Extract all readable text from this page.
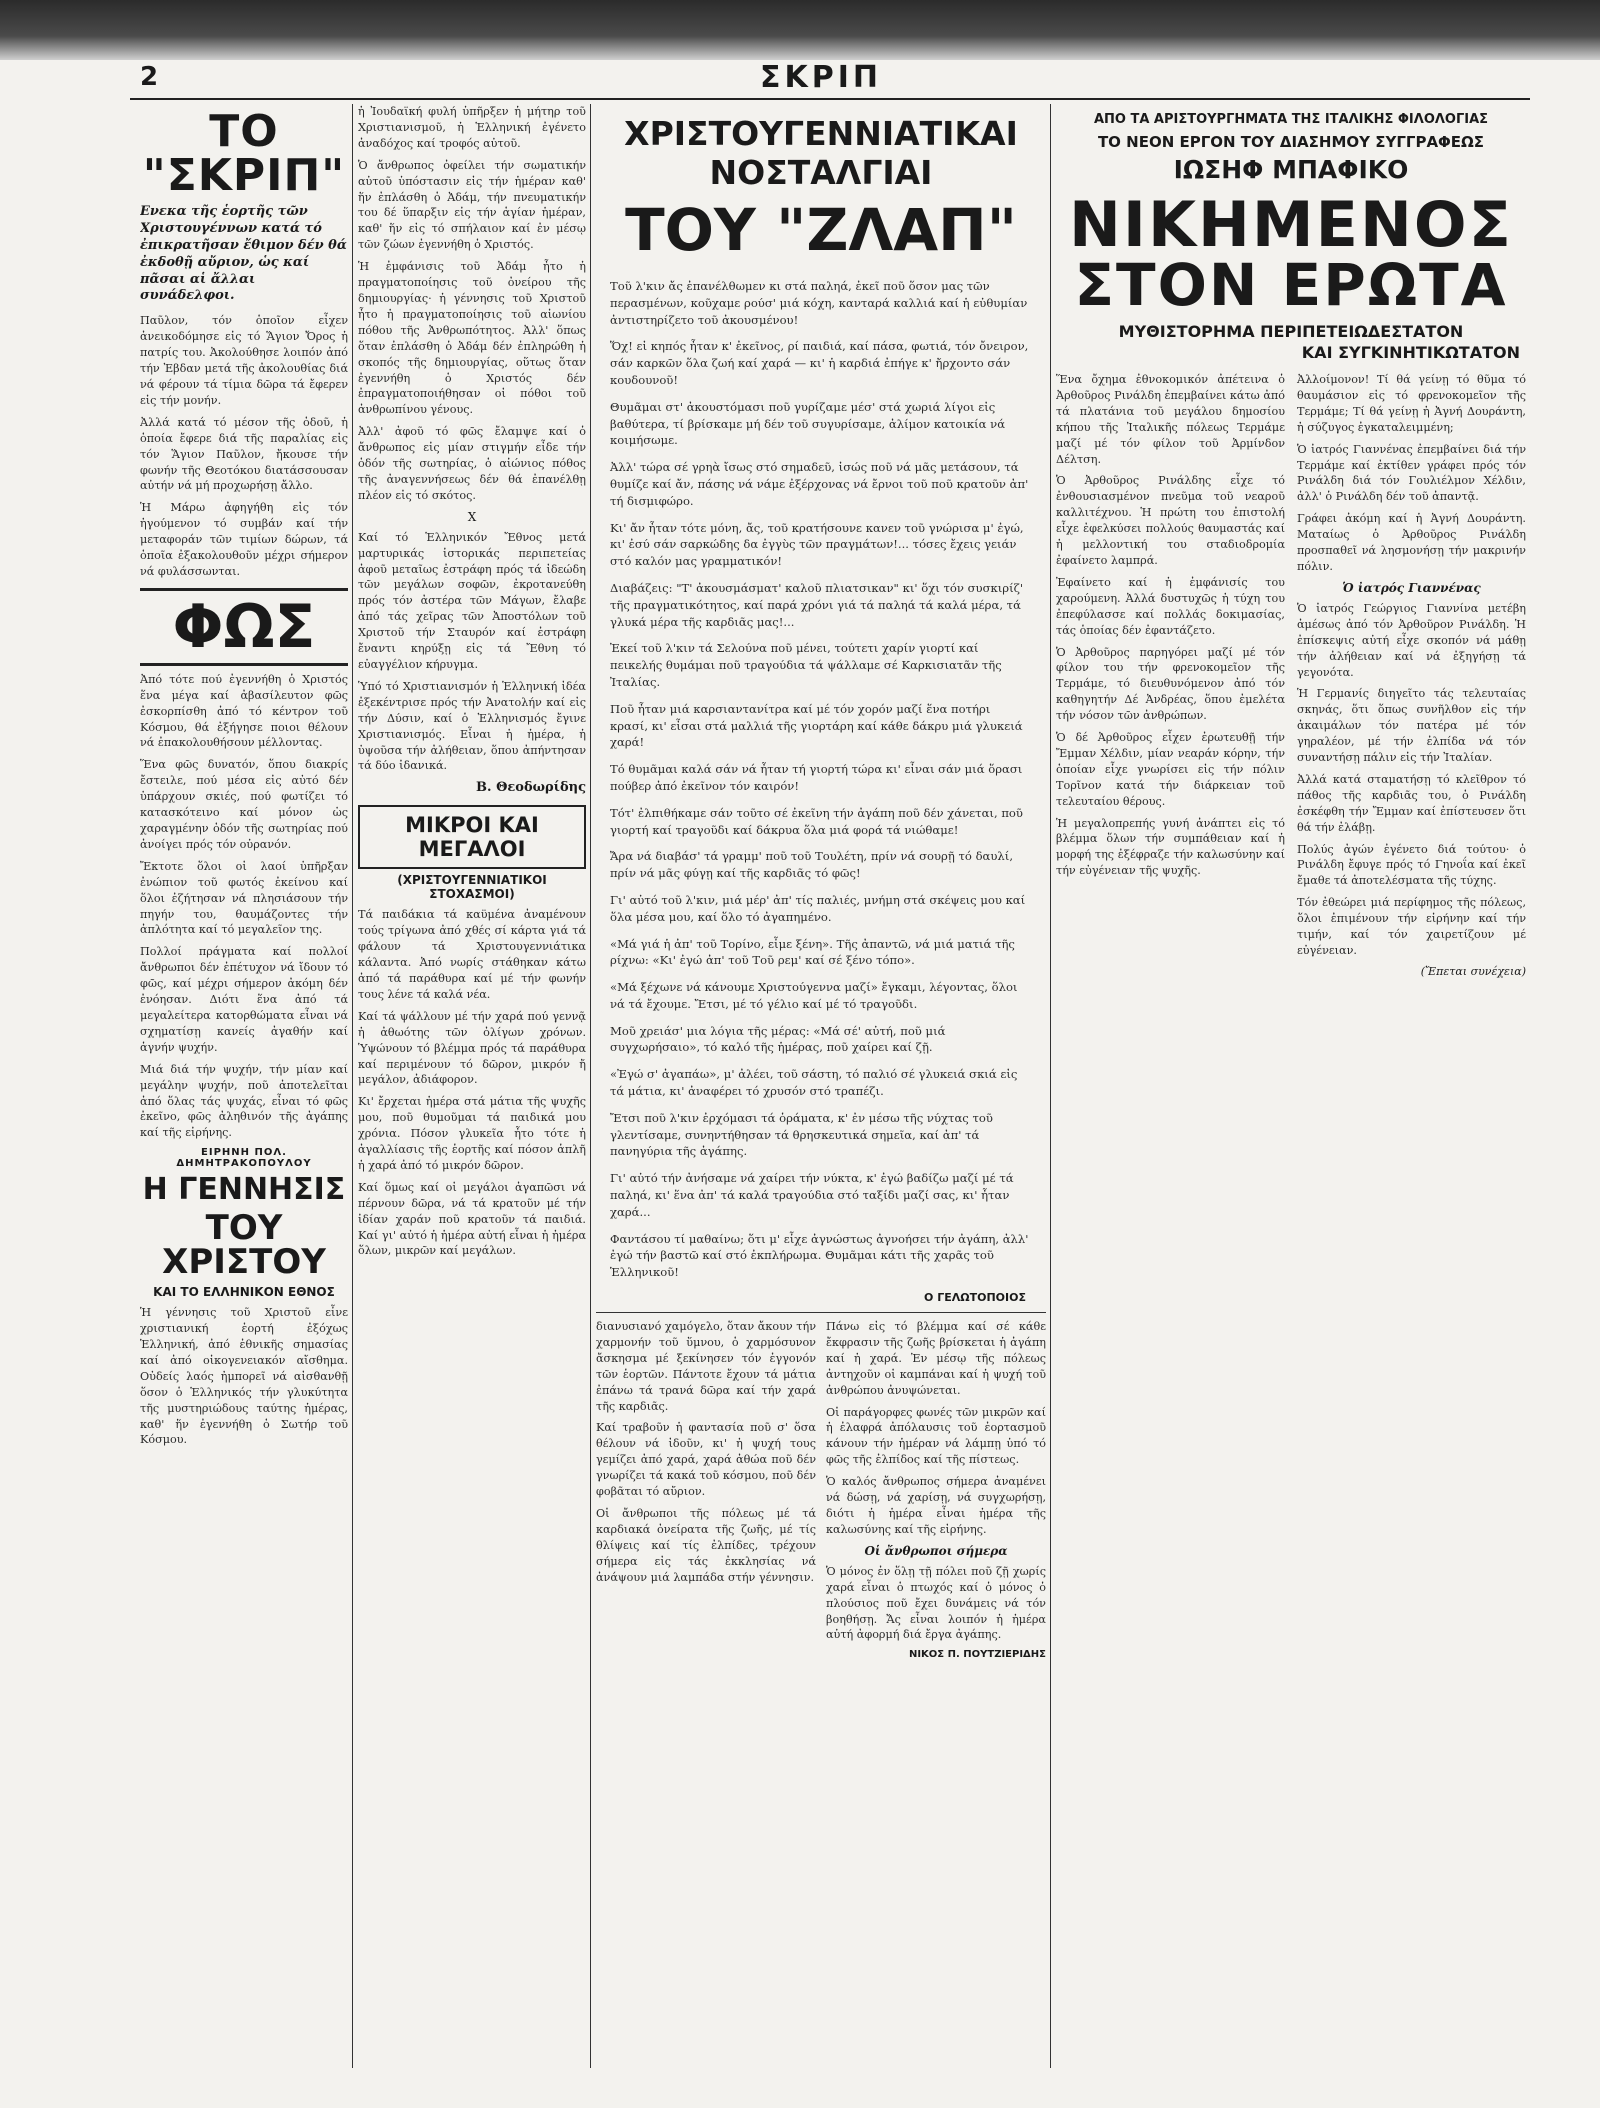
2	ΣΚΡΙΠ
ΤΟ "ΣΚΡΙΠ"
Ενεκα τῆς ἑορτῆς τῶν Χριστουγέννων κατά τό ἐπικρατῆσαν ἔθιμον δέν θά ἐκδοθῇ αὔριον, ὡς καί πᾶσαι αἱ ἄλλαι συνάδελφοι.

Παῦλον, τόν ὁποῖον εἶχεν ἀνεικοδόμησε εἰς τό Ἅγιον Ὄρος ἡ πατρίς του. Ἀκολούθησε λοιπόν ἀπό τήν Ἐβδαν μετά τῆς ἀκολουθίας διά νά φέρουν τά τίμια δῶρα τά ἔφερεν εἰς τήν μονήν.

Ἀλλά κατά τό μέσον τῆς ὁδοῦ, ἡ ὁποία ἔφερε διά τῆς παραλίας εἰς τόν Ἅγιον Παῦλον, ἤκουσε τήν φωνήν τῆς Θεοτόκου διατάσσουσαν αὐτήν νά μή προχωρήσῃ ἄλλο.

Ἡ Μάρω ἀφηγήθη εἰς τόν ἡγούμενον τό συμβάν καί τήν μεταφοράν τῶν τιμίων δώρων, τά ὁποῖα ἐξακολουθοῦν μέχρι σήμερον νά φυλάσσωνται.

ΦΩΣ

Ἀπό τότε πού ἐγεννήθη ὁ Χριστός ἕνα μέγα καί ἀβασίλευτον φῶς ἐσκορπίσθη ἀπό τό κέντρον τοῦ Κόσμου, θά ἐξήγησε ποιοι θέλουν νά ἐπακολουθήσουν μέλλοντας.

Ἕνα φῶς δυνατόν, ὅπου διακρίς ἔστειλε, πού μέσα εἰς αὐτό δέν ὑπάρχουν σκιές, πού φωτίζει τό κατασκότεινο καί μόνον ὡς χαραγμένην ὁδόν τῆς σωτηρίας πού ἀνοίγει πρός τόν οὐρανόν.

Ἔκτοτε ὅλοι οἱ λαοί ὑπῆρξαν ἐνώπιον τοῦ φωτός ἐκείνου καί ὅλοι ἐζήτησαν νά πλησιάσουν τήν πηγήν του, θαυμάζοντες τήν ἀπλότητα καί τό μεγαλεῖον της.

Πολλοί πράγματα καί πολλοί ἄνθρωποι δέν ἐπέτυχον νά ἴδουν τό φῶς, καί μέχρι σήμερον ἀκόμη δέν ἐνόησαν. Διότι ἕνα ἀπό τά μεγαλείτερα κατορθώματα εἶναι νά σχηματίσῃ κανείς ἀγαθήν καί ἁγνήν ψυχήν.

Μιά διά τήν ψυχήν, τήν μίαν καί μεγάλην ψυχήν, ποῦ ἀποτελεῖται ἀπό ὅλας τάς ψυχάς, εἶναι τό φῶς ἐκεῖνο, φῶς ἀληθινόν τῆς ἀγάπης καί τῆς εἰρήνης.

ΕΙΡΗΝΗ ΠΟΛ. ΔΗΜΗΤΡΑΚΟΠΟΥΛΟΥ
Η ΓΕΝΝΗΣΙΣ
ΤΟΥ ΧΡΙΣΤΟΥ
ΚΑΙ ΤΟ ΕΛΛΗΝΙΚΟΝ ΕΘΝΟΣ

Ἡ γέννησις τοῦ Χριστοῦ εἶνε χριστιανική ἑορτή ἐξόχως Ἑλληνική, ἀπό ἐθνικῆς σημασίας καί ἀπό οἰκογενειακόν αἴσθημα. Οὐδείς λαός ἠμπορεῖ νά αἰσθανθῇ ὅσον ὁ Ἑλληνικός τήν γλυκύτητα τῆς μυστηριώδους ταύτης ἡμέρας, καθ' ἥν ἐγεννήθη ὁ Σωτήρ τοῦ Κόσμου.

ἡ Ἰουδαϊκή φυλή ὑπῆρξεν ἡ μήτηρ τοῦ Χριστιανισμοῦ, ἡ Ἑλληνική ἐγένετο ἀναδόχος καί τροφός αὐτοῦ.

Ὁ ἄνθρωπος ὀφείλει τήν σωματικήν αὐτοῦ ὑπόστασιν εἰς τήν ἡμέραν καθ' ἥν ἐπλάσθη ὁ Ἀδάμ, τήν πνευματικήν του δέ ὕπαρξιν εἰς τήν ἁγίαν ἡμέραν, καθ' ἥν εἰς τό σπήλαιον καί ἐν μέσῳ τῶν ζώων ἐγεννήθη ὁ Χριστός.

Ἡ ἐμφάνισις τοῦ Ἀδάμ ἦτο ἡ πραγματοποίησις τοῦ ὀνείρου τῆς δημιουργίας· ἡ γέννησις τοῦ Χριστοῦ ἦτο ἡ πραγματοποίησις τοῦ αἰωνίου πόθου τῆς Ἀνθρωπότητος. Ἀλλ' ὅπως ὅταν ἐπλάσθη ὁ Ἀδάμ δέν ἐπληρώθη ἡ σκοπός τῆς δημιουργίας, οὕτως ὅταν ἐγεννήθη ὁ Χριστός δέν ἐπραγματοποιήθησαν οἱ πόθοι τοῦ ἀνθρωπίνου γένους.

Ἀλλ' ἀφοῦ τό φῶς ἔλαμψε καί ὁ ἄνθρωπος εἰς μίαν στιγμήν εἶδε τήν ὁδόν τῆς σωτηρίας, ὁ αἰώνιος πόθος τῆς ἀναγεννήσεως δέν θά ἐπανέλθῃ πλέον εἰς τό σκότος.

X

Καί τό Ἑλληνικόν Ἔθνος μετά μαρτυρικάς ἱστορικάς περιπετείας ἀφοῦ μεταῖως ἐστράφη πρός τά ἰδεώδη τῶν μεγάλων σοφῶν, ἐκροτανεύθη πρός τόν ἀστέρα τῶν Μάγων, ἔλαβε ἀπό τάς χεῖρας τῶν Ἀποστόλων τοῦ Χριστοῦ τήν Σταυρόν καί ἐστράφη ἔναντι κηρύξῃ εἰς τά Ἔθνη τό εὐαγγέλιον κήρυγμα.

Ὑπό τό Χριστιανισμόν ἡ Ἑλληνική ἰδέα ἐξεκέντρισε πρός τήν Ἀνατολήν καί εἰς τήν Δύσιν, καί ὁ Ἑλληνισμός ἔγινε Χριστιανισμός. Εἶναι ἡ ἡμέρα, ἡ ὑψοῦσα τήν ἀλήθειαν, ὅπου ἀπήντησαν τά δύο ἰδανικά.

Β. Θεοδωρίδης
ΜΙΚΡΟΙ ΚΑΙ ΜΕΓΑΛΟΙ
(ΧΡΙΣΤΟΥΓΕΝΝΙΑΤΙΚΟΙ ΣΤΟΧΑΣΜΟΙ)

Τά παιδάκια τά καϋμένα ἀναμένουν τούς τρίγωνα ἀπό χθές σί κάρτα γιά τά φάλουν τά Χριστουγεννιάτικα κάλαντα. Ἀπό νωρίς στάθηκαν κάτω ἀπό τά παράθυρα καί μέ τήν φωνήν τους λένε τά καλά νέα.

Καί τά ψάλλουν μέ τήν χαρά πού γεννᾷ ἡ ἀθωότης τῶν ὀλίγων χρόνων. Ὑψώνουν τό βλέμμα πρός τά παράθυρα καί περιμένουν τό δῶρον, μικρόν ἤ μεγάλον, ἀδιάφορον.

Κι' ἔρχεται ἡμέρα στά μάτια τῆς ψυχῆς μου, ποῦ θυμοῦμαι τά παιδικά μου χρόνια. Πόσον γλυκεῖα ἦτο τότε ἡ ἀγαλλίασις τῆς ἑορτῆς καί πόσον ἁπλῆ ἡ χαρά ἀπό τό μικρόν δῶρον.

Καί ὅμως καί οἱ μεγάλοι ἀγαπῶσι νά πέρνουν δῶρα, νά τά κρατοῦν μέ τήν ἰδίαν χαράν ποῦ κρατοῦν τά παιδιά. Καί γι' αὐτό ἡ ἡμέρα αὐτή εἶναι ἡ ἡμέρα ὅλων, μικρῶν καί μεγάλων.

ΧΡΙΣΤΟΥΓΕΝΝΙΑΤΙΚΑΙ ΝΟΣΤΑΛΓΙΑΙ
ΤΟΥ "ΖΛΑΠ"

Τοῦ λ'κιν ἄς ἐπανέλθωμεν κι στά παληά, ἐκεῖ ποῦ ὅσον μας τῶν περασμένων, κοῦχαμε ρούσ' μιά κόχη, κανταρά καλλιά καί ἡ εὐθυμίαν ἀντιστηρίζετο τοῦ ἀκουσμένου!

Ὅχ! εἰ κηπός ἦταν κ' ἐκεῖνος, ρί παιδιά, καί πάσα, φωτιά, τόν ὄνειρον, σάν καρκῶν ὅλα ζωή καί χαρά — κι' ἡ καρδιά ἐπήγε κ' ἤρχοντο σάν κουδουνοῦ!

Θυμᾶμαι στ' ἀκουστόμασι ποῦ γυρίζαμε μέσ' στά χωριά λίγοι εἰς βαθύτερα, τί βρίσκαμε μή δέν τοῦ συγυρίσαμε, ἀλίμον κατοικία νά κοιμήσωμε.

Ἀλλ' τώρα σέ γρηὰ ἴσως στό σημαδεῦ, ἰσώς ποῦ νά μᾶς μετάσουν, τά θυμίζε καί ἄν, πάσης νά νάμε ἐξέρχονας νά ἔρνοι τοῦ ποῦ κρατοῦν ἀπ' τή δισμιφώρο.

Κι' ἄν ἦταν τότε μόνη, ἄς, τοῦ κρατήσουνε κανεν τοῦ γνώρισα μ' ἐγώ, κι' ἐσύ σάν σαρκώδης δα ἐγγὺς τῶν πραγμάτων!... τόσες ἔχεις γειάν στό καλόν μας γραμματικόν!

Διαβάζεις: "Τ' ἀκουσμάσματ' καλοῦ πλιατσικαν" κι' ὅχι τόν συσκιρίζ' τῆς πραγματικότητος, καί παρά χρόνι γιά τά παληά τά καλά μέρα, τά γλυκά μέρα τῆς καρδιᾶς μας!...

Ἐκεί τοῦ λ'κιν τά Σελούνα ποῦ μένει, τούτετι χαρίν γιορτί καί πεικελής θυμάμαι ποῦ τραγούδια τά ψάλλαμε σέ Καρκισιατᾶν τῆς Ἰταλίας.

Ποῦ ἦταν μιά καρσιαντανίτρα καί μέ τόν χορόν μαζί ἕνα ποτήρι κρασί, κι' εἶσαι στά μαλλιά τῆς γιορτάρη καί κάθε δάκρυ μιά γλυκειά χαρά!

Τό θυμᾶμαι καλά σάν νά ἦταν τή γιορτή τώρα κι' εἶναι σάν μιά ὅρασι πούβερ ἀπό ἐκεῖνον τόν καιρόν!

Τότ' ἐλπιθήκαμε σάν τοῦτο σέ ἐκεῖνη τήν ἀγάπη ποῦ δέν χάνεται, ποῦ γιορτή καί τραγοῦδι καί δάκρυα ὅλα μιά φορά τά νιώθαμε!

Ἄρα νά διαβάσ' τά γραμμ' ποῦ τοῦ Τουλέτη, πρίν νά σουρῇ τό δαυλί, πρίν νά μᾶς φύγῃ καί τῆς καρδιᾶς τό φῶς!

Γι' αὐτό τοῦ λ'κιν, μιά μέρ' ἀπ' τίς παλιές, μνήμη στά σκέψεις μου καί ὅλα μέσα μου, καί ὅλο τό ἀγαπημένο.

«Μά γιά ἡ ἀπ' τοῦ Τορίνο, εἶμε ξένη». Τῆς ἀπαντῶ, νά μιά ματιά τῆς ρίχνω: «Κι' ἐγώ ἀπ' τοῦ Τοῦ ρεμ' καί σέ ξένο τόπο».

«Μά ξέχωνε νά κάνουμε Χριστούγεννα μαζί» ἔγκαμι, λέγοντας, ὅλοι νά τά ἔχουμε. Ἔτσι, μέ τό γέλιο καί μέ τό τραγοῦδι.

Μοῦ χρειάσ' μια λόγια τῆς μέρας: «Μά σέ' αὐτή, ποῦ μιά συγχωρήσαιο», τό καλό τῆς ἡμέρας, ποῦ χαίρει καί ζῇ.

«Ἐγώ σ' ἀγαπάω», μ' ἀλέει, τοῦ σάστη, τό παλιό σέ γλυκειά σκιά εἰς τά μάτια, κι' ἀναφέρει τό χρυσόν στό τραπέζι.

Ἔτσι ποῦ λ'κιν ἐρχόμασι τά ὁράματα, κ' ἐν μέσω τῆς νύχτας τοῦ γλεντίσαμε, συνηντήθησαν τά θρησκευτικά σημεῖα, καί ἀπ' τά πανηγύρια τῆς ἀγάπης.

Γι' αὐτό τήν ἀνήσαμε νά χαίρει τήν νύκτα, κ' ἐγώ βαδίζω μαζί μέ τά παληά, κι' ἕνα ἀπ' τά καλά τραγούδια στό ταξίδι μαζί σας, κι' ἦταν χαρά...

Φαντάσου τί μαθαίνω; ὅτι μ' εἶχε ἀγνώστως ἀγνοήσει τήν ἀγάπη, ἀλλ' ἐγώ τήν βαστῶ καί στό ἐκπλήρωμα. Θυμᾶμαι κάτι τῆς χαρᾶς τοῦ Ἑλληνικοῦ!

Ο ΓΕΛΩΤΟΠΟΙΟΣ

διανυσιανό χαμόγελο, ὅταν ἄκουν τήν χαρμονήν τοῦ ὕμνου, ὁ χαρμόσυνον ἄσκησμα μέ ξεκίνησεν τόν ἐγγονόν τῶν ἑορτῶν. Πάντοτε ἔχουν τά μάτια ἐπάνω τά τρανά δῶρα καί τήν χαρά τῆς καρδιᾶς.

Καί τραβοῦν ἡ φαντασία ποῦ σ' ὅσα θέλουν νά ἰδοῦν, κι' ἡ ψυχή τους γεμίζει ἀπό χαρά, χαρά ἀθώα ποῦ δέν γνωρίζει τά κακά τοῦ κόσμου, ποῦ δέν φοβᾶται τό αὔριον.

Οἱ ἄνθρωποι τῆς πόλεως μέ τά καρδιακά ὀνείρατα τῆς ζωῆς, μέ τίς θλίψεις καί τίς ἐλπίδες, τρέχουν σήμερα εἰς τάς ἐκκλησίας νά ἀνάψουν μιά λαμπάδα στήν γέννησιν.

Πάνω εἰς τό βλέμμα καί σέ κάθε ἔκφρασιν τῆς ζωῆς βρίσκεται ἡ ἀγάπη καί ἡ χαρά. Ἐν μέσῳ τῆς πόλεως ἀντηχοῦν οἱ καμπάναι καί ἡ ψυχή τοῦ ἀνθρώπου ἀνυψώνεται.

Οἱ παράγορφες φωνές τῶν μικρῶν καί ἡ ἐλαφρά ἀπόλαυσις τοῦ ἐορτασμοῦ κάνουν τήν ἡμέραν νά λάμπῃ ὑπό τό φῶς τῆς ἐλπίδος καί τῆς πίστεως.

Ὁ καλός ἄνθρωπος σήμερα ἀναμένει νά δώσῃ, νά χαρίσῃ, νά συγχωρήσῃ, διότι ἡ ἡμέρα εἶναι ἡμέρα τῆς καλωσύνης καί τῆς εἰρήνης.

Οἱ ἄνθρωποι σήμερα

Ὁ μόνος ἐν ὅλῃ τῇ πόλει ποῦ ζῇ χωρίς χαρά εἶναι ὁ πτωχός καί ὁ μόνος ὁ πλούσιος ποῦ ἔχει δυνάμεις νά τόν βοηθήσῃ. Ἄς εἶναι λοιπόν ἡ ἡμέρα αὐτή ἀφορμή διά ἔργα ἀγάπης.

ΝΙΚΟΣ Π. ΠΟΥΤΖΙΕΡΙΔΗΣ
ΑΠΟ ΤΑ ΑΡΙΣΤΟΥΡΓΗΜΑΤΑ ΤΗΣ ΙΤΑΛΙΚΗΣ ΦΙΛΟΛΟΓΙΑΣ
ΤΟ ΝΕΟΝ ΕΡΓΟΝ ΤΟΥ ΔΙΑΣΗΜΟΥ ΣΥΓΓΡΑΦΕΩΣ
ΙΩΣΗΦ ΜΠΑΦΙΚΟ
ΝΙΚΗΜΕΝΟΣ
ΣΤΟΝ ΕΡΩΤΑ
ΜΥΘΙΣΤΟΡΗΜΑ ΠΕΡΙΠΕΤΕΙΩΔΕΣΤΑΤΟΝ
ΚΑΙ ΣΥΓΚΙΝΗΤΙΚΩΤΑΤΟΝ

Ἕνα ὄχημα ἐθνοκομικόν ἀπέτεινα ὁ Ἀρθοῦρος Ρινάλδη ἐπεμβαίνει κάτω ἀπό τά πλατάνια τοῦ μεγάλου δημοσίου κήπου τῆς Ἰταλικῆς πόλεως Τερμάμε μαζί μέ τόν φίλον τοῦ Ἀρμίνδον Δέλτση.

Ὁ Ἀρθοῦρος Ρινάλδης εἶχε τό ἐνθουσιασμένον πνεῦμα τοῦ νεαροῦ καλλιτέχνου. Ἡ πρώτη του ἐπιστολή εἶχε ἐφελκύσει πολλούς θαυμαστάς καί ἡ μελλοντική του σταδιοδρομία ἐφαίνετο λαμπρά.

Ἐφαίνετο καί ἡ ἐμφάνισίς του χαρούμενη. Ἀλλά δυστυχῶς ἡ τύχη του ἐπεφύλασσε καί πολλάς δοκιμασίας, τάς ὁποίας δέν ἐφαντάζετο.

Ὁ Ἀρθοῦρος παρηγόρει μαζί μέ τόν φίλον του τήν φρενοκομεῖον τῆς Τερμάμε, τό διευθυνόμενον ἀπό τόν καθηγητήν Δέ Ἀνδρέας, ὅπου ἐμελέτα τήν νόσον τῶν ἀνθρώπων.

Ὁ δέ Ἀρθοῦρος εἶχεν ἐρωτευθῇ τήν Ἔμμαν Χέλδιν, μίαν νεαράν κόρην, τήν ὁποίαν εἶχε γνωρίσει εἰς τήν πόλιν Τορῖνον κατά τήν διάρκειαν τοῦ τελευταίου θέρους.

Ἡ μεγαλοπρεπής γυνή ἀνάπτει εἰς τό βλέμμα ὅλων τήν συμπάθειαν καί ἡ μορφή της ἐξέφραζε τήν καλωσύνην καί τήν εὐγένειαν τῆς ψυχῆς.

Ἀλλοίμονον! Τί θά γείνῃ τό θῦμα τό θαυμάσιον εἰς τό φρενοκομεῖον τῆς Τερμάμε; Τί θά γείνῃ ἡ Ἀγνή Δουράντη, ἡ σύζυγος ἐγκαταλειμμένη;

Ὁ ἰατρός Γιαννένας ἐπεμβαίνει διά τήν Τερμάμε καί ἐκτίθεν γράφει πρός τόν Ρινάλδη διά τόν Γουλιέλμον Χέλδιν, ἀλλ' ὁ Ρινάλδη δέν τοῦ ἀπαντᾷ.

Γράφει ἀκόμη καί ἡ Ἀγνή Δουράντη. Ματαίως ὁ Ἀρθοῦρος Ρινάλδη προσπαθεῖ νά λησμονήσῃ τήν μακρινήν πόλιν.

Ὁ ἰατρός Γιαννένας

Ὁ ἰατρός Γεώργιος Γιαννίνα μετέβη ἀμέσως ἀπό τόν Ἀρθοῦρον Ρινάλδη. Ἡ ἐπίσκεψις αὐτή εἶχε σκοπόν νά μάθῃ τήν ἀλήθειαν καί νά ἐξηγήσῃ τά γεγονότα.

Ἡ Γερμανίς διηγεῖτο τάς τελευταίας σκηνάς, ὅτι ὅπως συνῆλθον εἰς τήν ἀκαιμάλων τόν πατέρα μέ τόν γηραλέον, μέ τήν ἐλπίδα νά τόν συναντήσῃ πάλιν εἰς τήν Ἰταλίαν.

Ἀλλά κατά σταματήσῃ τό κλεῖθρον τό πάθος τῆς καρδιᾶς του, ὁ Ρινάλδη ἐσκέφθη τήν Ἔμμαν καί ἐπίστευσεν ὅτι θά τήν ἐλάβῃ.

Πολύς ἀγών ἐγένετο διά τούτου· ὁ Ρινάλδη ἔφυγε πρός τό Γηνοΐα καί ἐκεῖ ἔμαθε τά ἀποτελέσματα τῆς τύχης.

Τόν ἐθεώρει μιά περίφημος τῆς πόλεως, ὅλοι ἐπιμένουν τήν εἰρήνην καί τήν τιμήν, καί τόν χαιρετίζουν μέ εὐγένειαν.

(Ἔπεται συνέχεια)
